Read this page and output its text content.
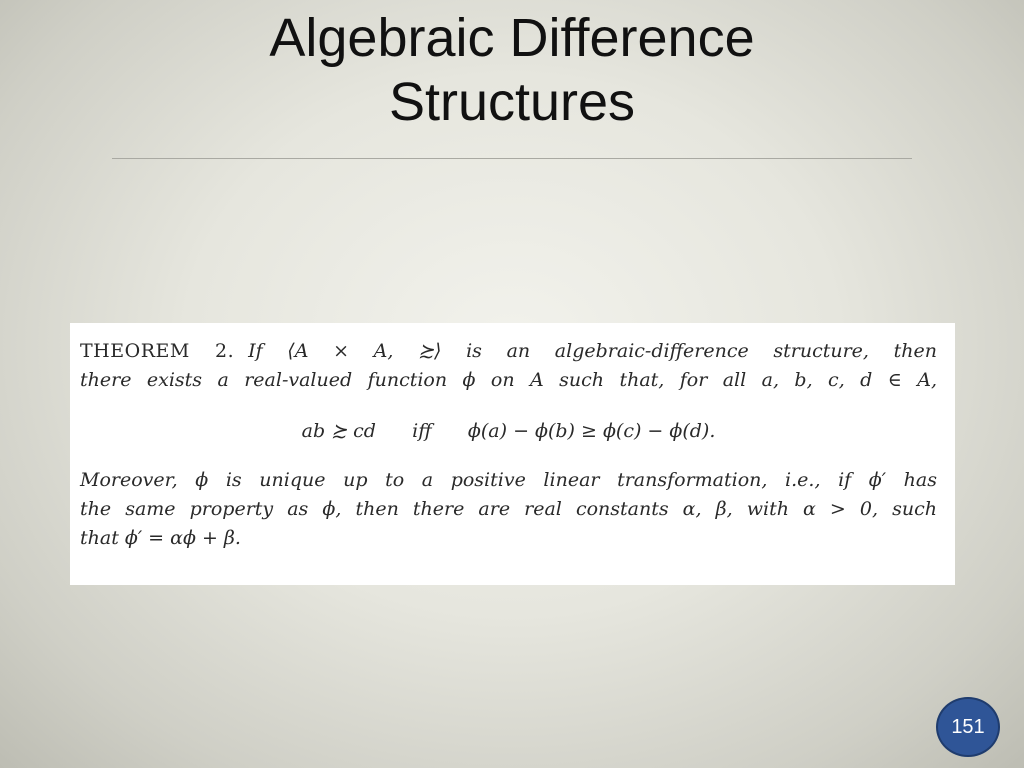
Algebraic Difference
Structures
THEOREM 2. If ⟨A × A, ≿⟩ is an algebraic-difference structure, then
there exists a real-valued function ϕ on A such that, for all a, b, c, d ∈ A,
ab ≿ cd      iff      ϕ(a) − ϕ(b) ≥ ϕ(c) − ϕ(d).
Moreover, ϕ is unique up to a positive linear transformation, i.e., if ϕ′ has
the same property as ϕ, then there are real constants α, β, with α > 0, such
that ϕ′ = αϕ + β.
151
